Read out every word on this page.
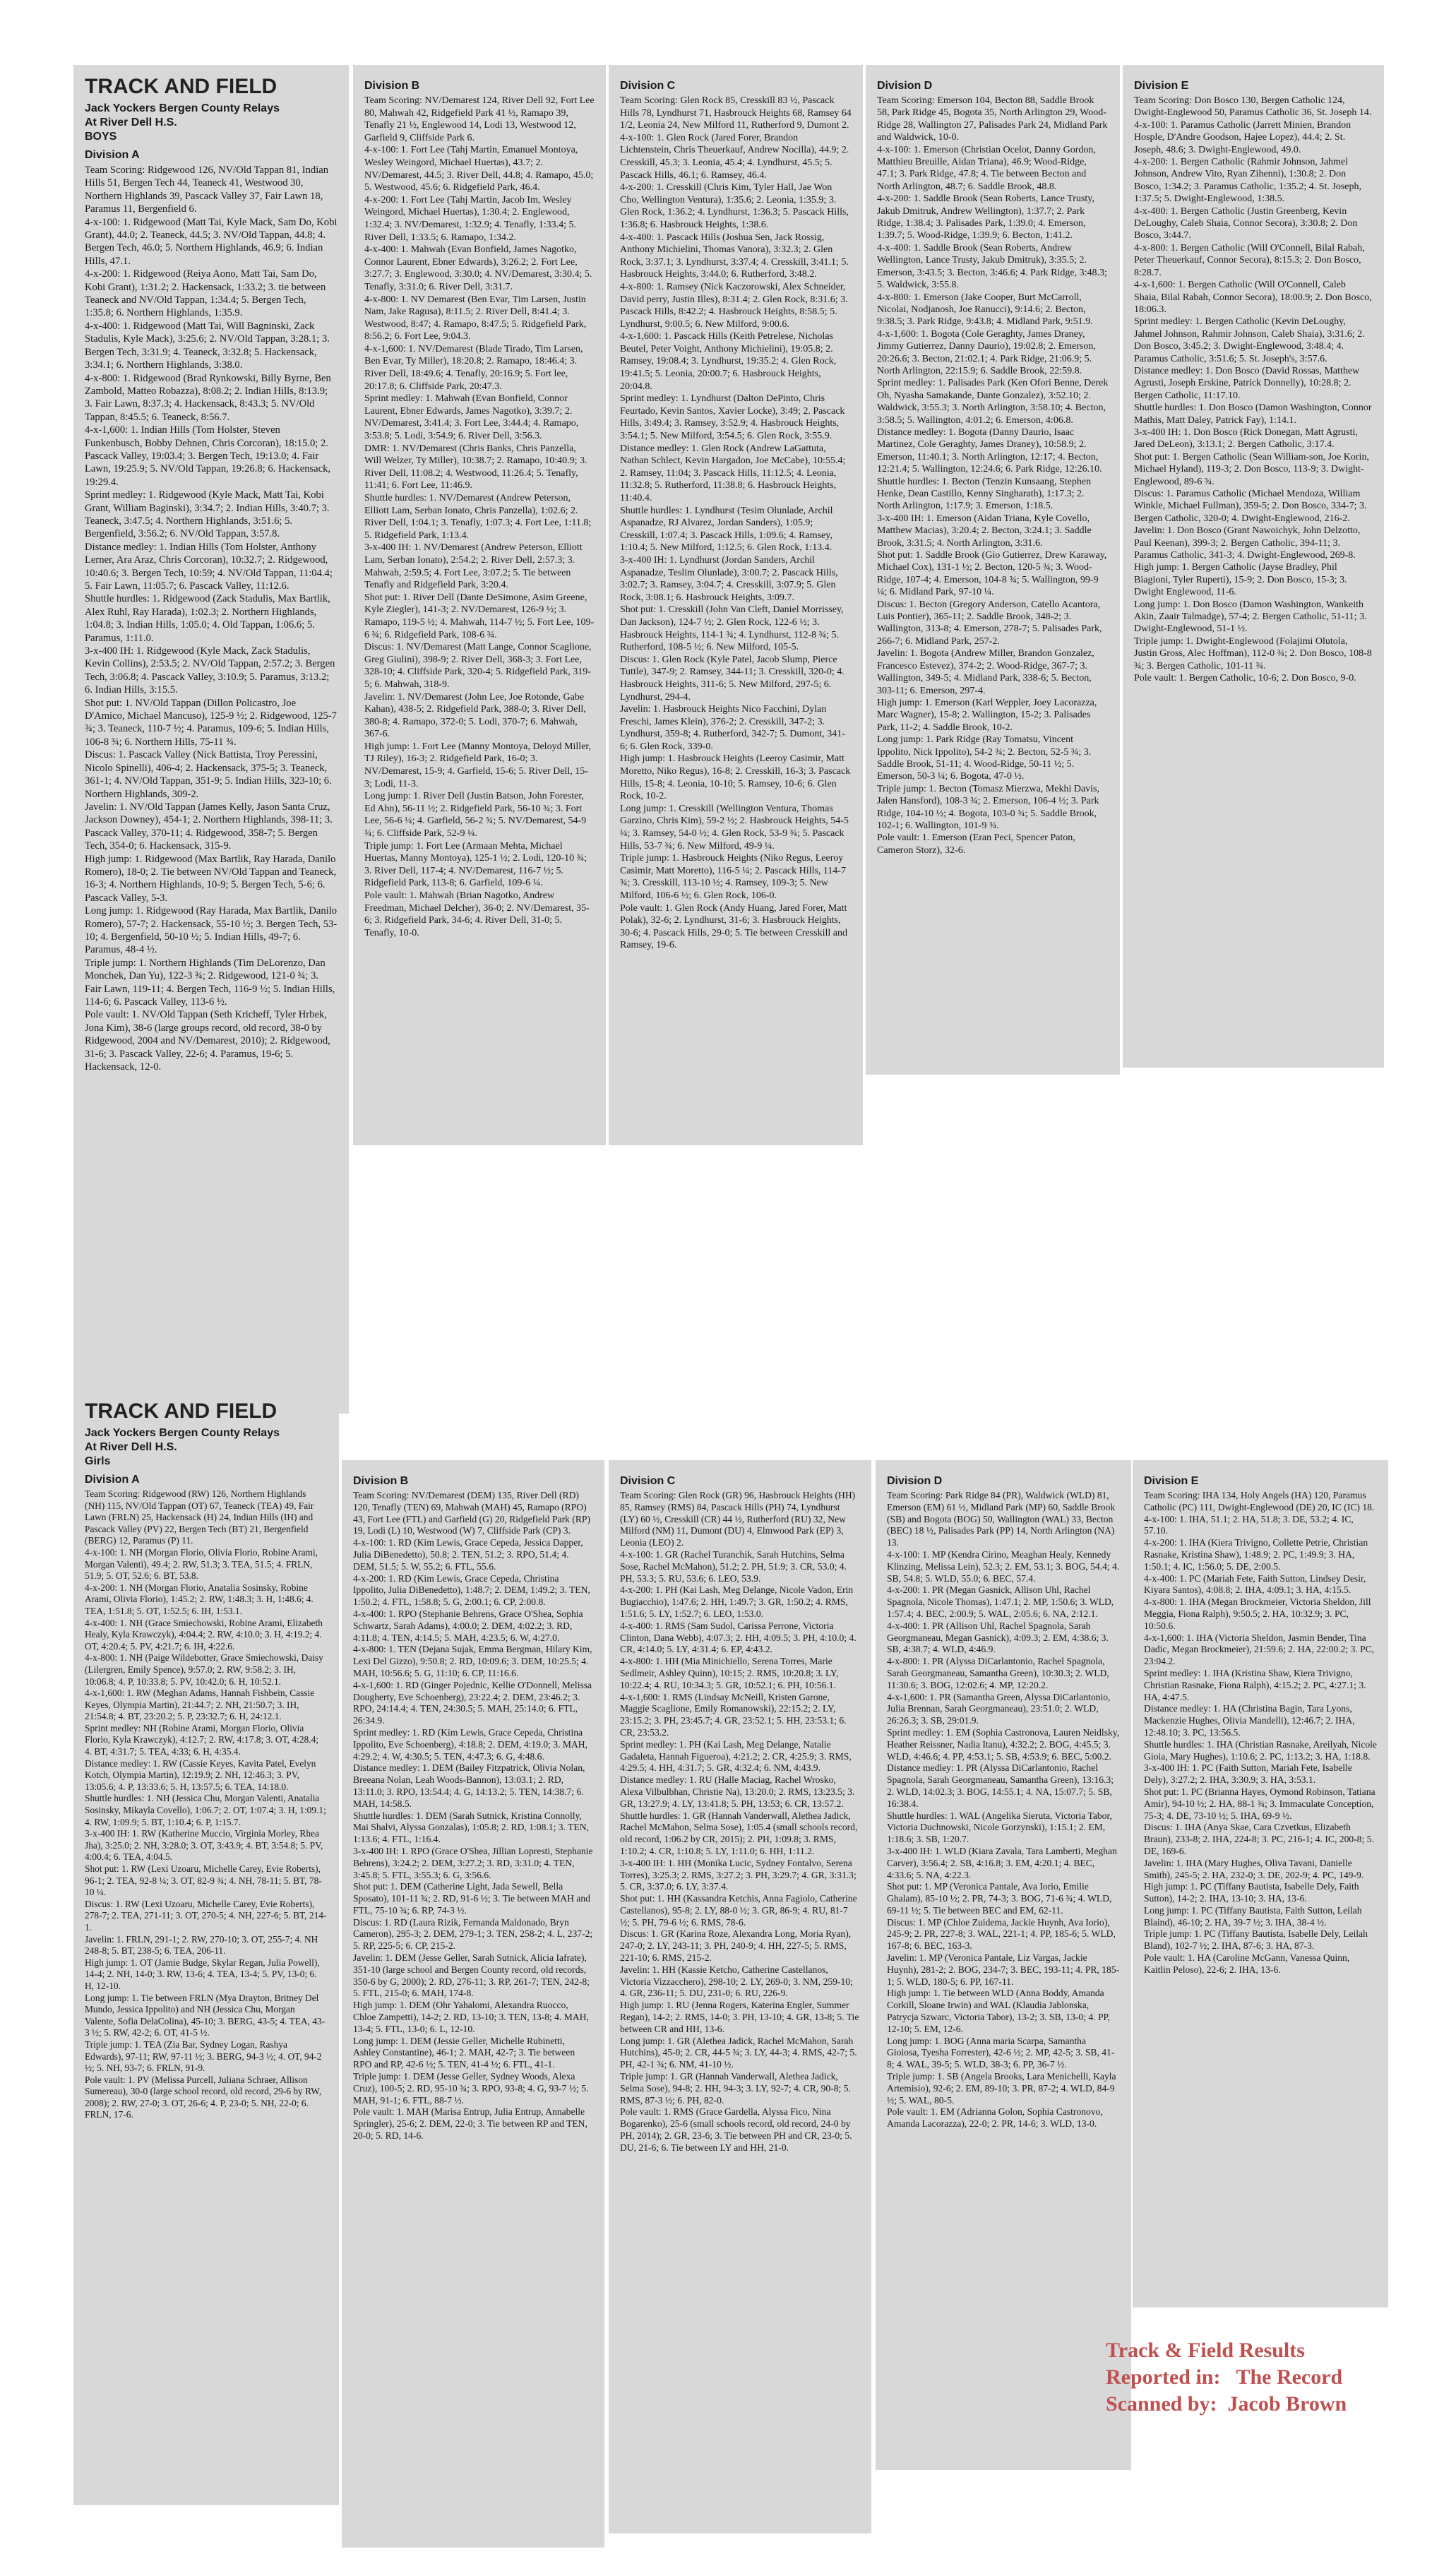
TRACK AND FIELD
Jack Yockers Bergen County Relays
At River Dell H.S.
BOYS
Division A
Team Scoring: Ridgewood 126, NV/Old Tappan 81, Indian Hills 51, Bergen Tech 44, Teaneck 41, Westwood 30, Northern Highlands 39, Pascack Valley 37, Fair Lawn 18, Paramus 11, Bergenfield 6.
4-x-100: 1. Ridgewood (Matt Tai, Kyle Mack, Sam Do, Kobi Grant), 44.0; 2. Teaneck, 44.5; 3. NV/Old Tappan, 44.8; 4. Bergen Tech, 46.0; 5. Northern Highlands, 46.9; 6. Indian Hills, 47.1.
4-x-200: 1. Ridgewood (Reiya Aono, Matt Tai, Sam Do, Kobi Grant), 1:31.2; 2. Hackensack, 1:33.2; 3. tie between Teaneck and NV/Old Tappan, 1:34.4; 5. Bergen Tech, 1:35.8; 6. Northern Highlands, 1:35.9.
4-x-400: 1. Ridgewood (Matt Tai, Will Bagninski, Zack Stadulis, Kyle Mack), 3:25.6; 2. NV/Old Tappan, 3:28.1; 3. Bergen Tech, 3:31.9; 4. Teaneck, 3:32.8; 5. Hackensack, 3:34.1; 6. Northern Highlands, 3:38.0.
4-x-800: 1. Ridgewood (Brad Rynkowski, Billy Byrne, Ben Zambold, Matteo Robazza), 8:08.2; 2. Indian Hills, 8:13.9; 3. Fair Lawn, 8:37.3; 4. Hackensack, 8:43.3; 5. NV/Old Tappan, 8:45.5; 6. Teaneck, 8:56.7.
4-x-1,600: 1. Indian Hills (Tom Holster, Steven Funkenbusch, Bobby Dehnen, Chris Corcoran), 18:15.0; 2. Pascack Valley, 19:03.4; 3. Bergen Tech, 19:13.0; 4. Fair Lawn, 19:25.9; 5. NV/Old Tappan, 19:26.8; 6. Hackensack, 19:29.4.
Sprint medley: 1. Ridgewood (Kyle Mack, Matt Tai, Kobi Grant, William Baginski), 3:34.7; 2. Indian Hills, 3:40.7; 3. Teaneck, 3:47.5; 4. Northern Highlands, 3:51.6; 5. Bergenfield, 3:56.2; 6. NV/Old Tappan, 3:57.8.
Distance medley: 1. Indian Hills (Tom Holster, Anthony Lerner, Ara Araz, Chris Corcoran), 10:32.7; 2. Ridgewood, 10:40.6; 3. Bergen Tech, 10:59; 4. NV/Old Tappan, 11:04.4; 5. Fair Lawn, 11:05.7; 6. Pascack Valley, 11:12.6.
Shuttle hurdles: 1. Ridgewood (Zack Stadulis, Max Bartlik, Alex Ruhl, Ray Harada), 1:02.3; 2. Northern Highlands, 1:04.8; 3. Indian Hills, 1:05.0; 4. Old Tappan, 1:06.6; 5. Paramus, 1:11.0.
3-x-400 IH: 1. Ridgewood (Kyle Mack, Zack Stadulis, Kevin Collins), 2:53.5; 2. NV/Old Tappan, 2:57.2; 3. Bergen Tech, 3:06.8; 4. Pascack Valley, 3:10.9; 5. Paramus, 3:13.2; 6. Indian Hills, 3:15.5.
Shot put: 1. NV/Old Tappan (Dillon Policastro, Joe D'Amico, Michael Mancuso), 125-9 ½; 2. Ridgewood, 125-7 ¾; 3. Teaneck, 110-7 ½; 4. Paramus, 109-6; 5. Indian Hills, 106-8 ¾; 6. Northern Hills, 75-11 ¾.
Discus: 1. Pascack Valley (Nick Battista, Troy Peressini, Nicolo Spinelli), 406-4; 2. Hackensack, 375-5; 3. Teaneck, 361-1; 4. NV/Old Tappan, 351-9; 5. Indian Hills, 323-10; 6. Northern Highlands, 309-2.
Javelin: 1. NV/Old Tappan (James Kelly, Jason Santa Cruz, Jackson Downey), 454-1; 2. Northern Highlands, 398-11; 3. Pascack Valley, 370-11; 4. Ridgewood, 358-7; 5. Bergen Tech, 354-0; 6. Hackensack, 315-9.
High jump: 1. Ridgewood (Max Bartlik, Ray Harada, Danilo Romero), 18-0; 2. Tie between NV/Old Tappan and Teaneck, 16-3; 4. Northern Highlands, 10-9; 5. Bergen Tech, 5-6; 6. Pascack Valley, 5-3.
Long jump: 1. Ridgewood (Ray Harada, Max Bartlik, Danilo Romero), 57-7; 2. Hackensack, 55-10 ½; 3. Bergen Tech, 53-10; 4. Bergenfield, 50-10 ½; 5. Indian Hills, 49-7; 6. Paramus, 48-4 ½.
Triple jump: 1. Northern Highlands (Tim DeLorenzo, Dan Monchek, Dan Yu), 122-3 ¾; 2. Ridgewood, 121-0 ¾; 3. Fair Lawn, 119-11; 4. Bergen Tech, 116-9 ½; 5. Indian Hills, 114-6; 6. Pascack Valley, 113-6 ½.
Pole vault: 1. NV/Old Tappan (Seth Kricheff, Tyler Hrbek, Jona Kim), 38-6 (large groups record, old record, 38-0 by Ridgewood, 2004 and NV/Demarest, 2010); 2. Ridgewood, 31-6; 3. Pascack Valley, 22-6; 4. Paramus, 19-6; 5. Hackensack, 12-0.
Division B
Team Scoring: NV/Demarest 124, River Dell 92, Fort Lee 80, Mahwah 42, Ridgefield Park 41 ½, Ramapo 39, Tenafly 21 ½, Englewood 14, Lodi 13, Westwood 12, Garfield 9, Cliffside Park 6.
4-x-100: 1. Fort Lee (Tahj Martin, Emanuel Montoya, Wesley Weingord, Michael Huertas), 43.7; 2. NV/Demarest, 44.5; 3. River Dell, 44.8; 4. Ramapo, 45.0; 5. Westwood, 45.6; 6. Ridgefield Park, 46.4.
4-x-200: 1. Fort Lee (Tahj Martin, Jacob Im, Wesley Weingord, Michael Huertas), 1:30.4; 2. Englewood, 1:32.4; 3. NV/Demarest, 1:32.9; 4. Tenafly, 1:33.4; 5. River Dell, 1:33.5; 6. Ramapo, 1:34.2.
4-x-400: 1. Mahwah (Evan Bonfield, James Nagotko, Connor Laurent, Ebner Edwards), 3:26.2; 2. Fort Lee, 3:27.7; 3. Englewood, 3:30.0; 4. NV/Demarest, 3:30.4; 5. Tenafly, 3:31.0; 6. River Dell, 3:31.7.
4-x-800: 1. NV Demarest (Ben Evar, Tim Larsen, Justin Nam, Jake Ragusa), 8:11.5; 2. River Dell, 8:41.4; 3. Westwood, 8:47; 4. Ramapo, 8:47.5; 5. Ridgefield Park, 8:56.2; 6. Fort Lee, 9:04.3.
4-x-1,600: 1. NV/Demarest (Blade Tirado, Tim Larsen, Ben Evar, Ty Miller), 18:20.8; 2. Ramapo, 18:46.4; 3. River Dell, 18:49.6; 4. Tenafly, 20:16.9; 5. Fort lee, 20:17.8; 6. Cliffside Park, 20:47.3.
Sprint medley: 1. Mahwah (Evan Bonfield, Connor Laurent, Ebner Edwards, James Nagotko), 3:39.7; 2. NV/Demarest, 3:41.4; 3. Fort Lee, 3:44.4; 4. Ramapo, 3:53.8; 5. Lodi, 3:54.9; 6. River Dell, 3:56.3.
DMR: 1. NV/Demarest (Chris Banks, Chris Panzella, Will Welzer, Ty Miller), 10:38.7; 2. Ramapo, 10:40.9; 3. River Dell, 11:08.2; 4. Westwood, 11:26.4; 5. Tenafly, 11:41; 6. Fort Lee, 11:46.9.
Shuttle hurdles: 1. NV/Demarest (Andrew Peterson, Elliott Lam, Serban Ionato, Chris Panzella), 1:02.6; 2. River Dell, 1:04.1; 3. Tenafly, 1:07.3; 4. Fort Lee, 1:11.8; 5. Ridgefield Park, 1:13.4.
3-x-400 IH: 1. NV/Demarest (Andrew Peterson, Elliott Lam, Serban Ionato), 2:54.2; 2. River Dell, 2:57.3; 3. Mahwah, 2:59.5; 4. Fort Lee, 3:07.2; 5. Tie between Tenafly and Ridgefield Park, 3:20.4.
Shot put: 1. River Dell (Dante DeSimone, Asim Greene, Kyle Ziegler), 141-3; 2. NV/Demarest, 126-9 ½; 3. Ramapo, 119-5 ½; 4. Mahwah, 114-7 ½; 5. Fort Lee, 109-6 ¾; 6. Ridgefield Park, 108-6 ¾.
Discus: 1. NV/Demarest (Matt Lange, Connor Scaglione, Greg Giulini), 398-9; 2. River Dell, 368-3; 3. Fort Lee, 328-10; 4. Cliffside Park, 320-4; 5. Ridgefield Park, 319-5; 6. Mahwah, 318-9.
Javelin: 1. NV/Demarest (John Lee, Joe Rotonde, Gabe Kahan), 438-5; 2. Ridgefield Park, 388-0; 3. River Dell, 380-8; 4. Ramapo, 372-0; 5. Lodi, 370-7; 6. Mahwah, 367-6.
High jump: 1. Fort Lee (Manny Montoya, Deloyd Miller, TJ Riley), 16-3; 2. Ridgefield Park, 16-0; 3. NV/Demarest, 15-9; 4. Garfield, 15-6; 5. River Dell, 15-3; Lodi, 11-3.
Long jump: 1. River Dell (Justin Batson, John Forester, Ed Ahn), 56-11 ½; 2. Ridgefield Park, 56-10 ¾; 3. Fort Lee, 56-6 ¼; 4. Garfield, 56-2 ¾; 5. NV/Demarest, 54-9 ¾; 6. Cliffside Park, 52-9 ¼.
Triple jump: 1. Fort Lee (Armaan Mehta, Michael Huertas, Manny Montoya), 125-1 ½; 2. Lodi, 120-10 ¾; 3. River Dell, 117-4; 4. NV/Demarest, 116-7 ½; 5. Ridgefield Park, 113-8; 6. Garfield, 109-6 ¼.
Pole vault: 1. Mahwah (Brian Nagotko, Andrew Freedman, Michael Delcher), 36-0; 2. NV/Demarest, 35-6; 3. Ridgefield Park, 34-6; 4. River Dell, 31-0; 5. Tenafly, 10-0.
Division C
Team Scoring: Glen Rock 85, Cresskill 83 ½, Pascack Hills 78, Lyndhurst 71, Hasbrouck Heights 68, Ramsey 64 1/2, Leonia 24, New Milford 11, Rutherford 9, Dumont 2.
4-x-100: 1. Glen Rock (Jared Forer, Brandon Lichtenstein, Chris Theuerkauf, Andrew Nocilla), 44.9; 2. Cresskill, 45.3; 3. Leonia, 45.4; 4. Lyndhurst, 45.5; 5. Pascack Hills, 46.1; 6. Ramsey, 46.4.
4-x-200: 1. Cresskill (Chris Kim, Tyler Hall, Jae Won Cho, Wellington Ventura), 1:35.6; 2. Leonia, 1:35.9; 3. Glen Rock, 1:36.2; 4. Lyndhurst, 1:36.3; 5. Pascack Hills, 1:36.8; 6. Hasbrouck Heights, 1:38.6.
4-x-400: 1. Pascack Hills (Joshua Sen, Jack Rossig, Anthony Michielini, Thomas Vanora), 3:32.3; 2. Glen Rock, 3:37.1; 3. Lyndhurst, 3:37.4; 4. Cresskill, 3:41.1; 5. Hasbrouck Heights, 3:44.0; 6. Rutherford, 3:48.2.
4-x-800: 1. Ramsey (Nick Kaczorowski, Alex Schneider, David perry, Justin Illes), 8:31.4; 2. Glen Rock, 8:31.6; 3. Pascack Hills, 8:42.2; 4. Hasbrouck Heights, 8:58.5; 5. Lyndhurst, 9:00.5; 6. New Milford, 9:00.6.
4-x-1,600: 1. Pascack Hills (Keith Petrelese, Nicholas Beutel, Peter Voight, Anthony Michielini), 19:05.8; 2. Ramsey, 19:08.4; 3. Lyndhurst, 19:35.2; 4. Glen Rock, 19:41.5; 5. Leonia, 20:00.7; 6. Hasbrouck Heights, 20:04.8.
Sprint medley: 1. Lyndhurst (Dalton DePinto, Chris Feurtado, Kevin Santos, Xavier Locke), 3:49; 2. Pascack Hills, 3:49.4; 3. Ramsey, 3:52.9; 4. Hasbrouck Heights, 3:54.1; 5. New Milford, 3:54.5; 6. Glen Rock, 3:55.9.
Distance medley: 1. Glen Rock (Andrew LaGattuta, Nathan Schlect, Kevin Hargadon, Joe McCabe), 10:55.4; 2. Ramsey, 11:04; 3. Pascack Hills, 11:12.5; 4. Leonia, 11:32.8; 5. Rutherford, 11:38.8; 6. Hasbrouck Heights, 11:40.4.
Shuttle hurdles: 1. Lyndhurst (Tesim Olunlade, Archil Aspanadze, RJ Alvarez, Jordan Sanders), 1:05.9; Cresskill, 1:07.4; 3. Pascack Hills, 1:09.6; 4. Ramsey, 1:10.4; 5. New Milford, 1:12.5; 6. Glen Rock, 1:13.4.
3-x-400 IH: 1. Lyndhurst (Jordan Sanders, Archil Aspanadze, Teslim Olunlade), 3:00.7; 2. Pascack Hills, 3:02.7; 3. Ramsey, 3:04.7; 4. Cresskill, 3:07.9; 5. Glen Rock, 3:08.1; 6. Hasbrouck Heights, 3:09.7.
Shot put: 1. Cresskill (John Van Cleft, Daniel Morrissey, Dan Jackson), 124-7 ½; 2. Glen Rock, 122-6 ½; 3. Hasbrouck Heights, 114-1 ¾; 4. Lyndhurst, 112-8 ¾; 5. Rutherford, 108-5 ½; 6. New Milford, 105-5.
Discus: 1. Glen Rock (Kyle Patel, Jacob Slump, Pierce Tuttle), 347-9; 2. Ramsey, 344-11; 3. Cresskill, 320-0; 4. Hasbrouck Heights, 311-6; 5. New Milford, 297-5; 6. Lyndhurst, 294-4.
Javelin: 1. Hasbrouck Heights Nico Facchini, Dylan Freschi, James Klein), 376-2; 2. Cresskill, 347-2; 3. Lyndhurst, 359-8; 4. Rutherford, 342-7; 5. Dumont, 341-6; 6. Glen Rock, 339-0.
High jump: 1. Hasbrouck Heights (Leeroy Casimir, Matt Moretto, Niko Regus), 16-8; 2. Cresskill, 16-3; 3. Pascack Hills, 15-8; 4. Leonia, 10-10; 5. Ramsey, 10-6; 6. Glen Rock, 10-2.
Long jump: 1. Cresskill (Wellington Ventura, Thomas Garzino, Chris Kim), 59-2 ½; 2. Hasbrouck Heights, 54-5 ¼; 3. Ramsey, 54-0 ½; 4. Glen Rock, 53-9 ¾; 5. Pascack Hills, 53-7 ¾; 6. New Milford, 49-9 ¼.
Triple jump: 1. Hasbrouck Heights (Niko Regus, Leeroy Casimir, Matt Moretto), 116-5 ¼; 2. Pascack Hills, 114-7 ¾; 3. Cresskill, 113-10 ½; 4. Ramsey, 109-3; 5. New Milford, 106-6 ½; 6. Glen Rock, 106-0.
Pole vault: 1. Glen Rock (Andy Huang, Jared Forer, Matt Polak), 32-6; 2. Lyndhurst, 31-6; 3. Hasbrouck Heights, 30-6; 4. Pascack Hills, 29-0; 5. Tie between Cresskill and Ramsey, 19-6.
Division D
Team Scoring: Emerson 104, Becton 88, Saddle Brook 58, Park Ridge 45, Bogota 35, North Arlington 29, Wood-Ridge 28, Wallington 27, Palisades Park 24, Midland Park and Waldwick, 10-0.
4-x-100: 1. Emerson (Christian Ocelot, Danny Gordon, Matthieu Breuille, Aidan Triana), 46.9; Wood-Ridge, 47.1; 3. Park Ridge, 47.8; 4. Tie between Becton and North Arlington, 48.7; 6. Saddle Brook, 48.8.
4-x-200: 1. Saddle Brook (Sean Roberts, Lance Trusty, Jakub Dmitruk, Andrew Wellington), 1:37.7; 2. Park Ridge, 1:38.4; 3. Palisades Park, 1:39.0; 4. Emerson, 1:39.7; 5. Wood-Ridge, 1:39.9; 6. Becton, 1:41.2.
4-x-400: 1. Saddle Brook (Sean Roberts, Andrew Wellington, Lance Trusty, Jakub Dmitruk), 3:35.5; 2. Emerson, 3:43.5; 3. Becton, 3:46.6; 4. Park Ridge, 3:48.3; 5. Waldwick, 3:55.8.
4-x-800: 1. Emerson (Jake Cooper, Burt McCarroll, Nicolai, Nodjanosh, Joe Ranucci), 9:14.6; 2. Becton, 9:38.5; 3. Park Ridge, 9:43.8; 4. Midland Park, 9:51.9.
4-x-1,600: 1. Bogota (Cole Geraghty, James Draney, Jimmy Gutierrez, Danny Daurio), 19:02.8; 2. Emerson, 20:26.6; 3. Becton, 21:02.1; 4. Park Ridge, 21:06.9; 5. North Arlington, 22:15.9; 6. Saddle Brook, 22:59.8.
Sprint medley: 1. Palisades Park (Ken Ofori Benne, Derek Oh, Nyasha Samakande, Dante Gonzalez), 3:52.10; 2. Waldwick, 3:55.3; 3. North Arlington, 3:58.10; 4. Becton, 3:58.5; 5. Wallington, 4:01.2; 6. Emerson, 4:06.8.
Distance medley: 1. Bogota (Danny Daurio, Isaac Martinez, Cole Geraghty, James Draney), 10:58.9; 2. Emerson, 11:40.1; 3. North Arlington, 12:17; 4. Becton, 12:21.4; 5. Wallington, 12:24.6; 6. Park Ridge, 12:26.10.
Shuttle hurdles: 1. Becton (Tenzin Kunsaang, Stephen Henke, Dean Castillo, Kenny Singharath), 1:17.3; 2. North Arlington, 1:17.9; 3. Emerson, 1:18.5.
3-x-400 IH: 1. Emerson (Aidan Triana, Kyle Covello, Matthew Macias), 3:20.4; 2. Becton, 3:24.1; 3. Saddle Brook, 3:31.5; 4. North Arlington, 3:31.6.
Shot put: 1. Saddle Brook (Gio Gutierrez, Drew Karaway, Michael Cox), 131-1 ½; 2. Becton, 120-5 ¾; 3. Wood-Ridge, 107-4; 4. Emerson, 104-8 ¾; 5. Wallington, 99-9 ¼; 6. Midland Park, 97-10 ¼.
Discus: 1. Becton (Gregory Anderson, Catello Acantora, Luis Pontier), 365-11; 2. Saddle Brook, 348-2; 3. Wallington, 313-8; 4. Emerson, 278-7; 5. Palisades Park, 266-7; 6. Midland Park, 257-2.
Javelin: 1. Bogota (Andrew Miller, Brandon Gonzalez, Francesco Estevez), 374-2; 2. Wood-Ridge, 367-7; 3. Wallington, 349-5; 4. Midland Park, 338-6; 5. Becton, 303-11; 6. Emerson, 297-4.
High jump: 1. Emerson (Karl Weppler, Joey Lacorazza, Marc Wagner), 15-8; 2. Wallington, 15-2; 3. Palisades Park, 11-2; 4. Saddle Brook, 10-2.
Long jump: 1. Park Ridge (Ray Tomatsu, Vincent Ippolito, Nick Ippolito), 54-2 ¾; 2. Becton, 52-5 ¾; 3. Saddle Brook, 51-11; 4. Wood-Ridge, 50-11 ½; 5. Emerson, 50-3 ¼; 6. Bogota, 47-0 ½.
Triple jump: 1. Becton (Tomasz Mierzwa, Mekhi Davis, Jalen Hansford), 108-3 ¾; 2. Emerson, 106-4 ½; 3. Park Ridge, 104-10 ½; 4. Bogota, 103-0 ¾; 5. Saddle Brook, 102-1; 6. Wallington, 101-9 ¾.
Pole vault: 1. Emerson (Eran Peci, Spencer Paton, Cameron Storz), 32-6.
Division E
Team Scoring: Don Bosco 130, Bergen Catholic 124, Dwight-Englewood 50, Paramus Catholic 36, St. Joseph 14.
4-x-100: 1. Paramus Catholic (Jarrett Minien, Brandon Hosple, D'Andre Goodson, Hajee Lopez), 44.4; 2. St. Joseph, 48.6; 3. Dwight-Englewood, 49.0.
4-x-200: 1. Bergen Catholic (Rahmir Johnson, Jahmel Johnson, Andrew Vito, Ryan Zihenni), 1:30.8; 2. Don Bosco, 1:34.2; 3. Paramus Catholic, 1:35.2; 4. St. Joseph, 1:37.5; 5. Dwight-Englewood, 1:38.5.
4-x-400: 1. Bergen Catholic (Justin Greenberg, Kevin DeLoughy, Caleb Shaia, Connor Secora), 3:30.8; 2. Don Bosco, 3:44.7.
4-x-800: 1. Bergen Catholic (Will O'Connell, Bilal Rabah, Peter Theuerkauf, Connor Secora), 8:15.3; 2. Don Bosco, 8:28.7.
4-x-1,600: 1. Bergen Catholic (Will O'Connell, Caleb Shaia, Bilal Rabah, Connor Secora), 18:00.9; 2. Don Bosco, 18:06.3.
Sprint medley: 1. Bergen Catholic (Kevin DeLoughy, Jahmel Johnson, Rahmir Johnson, Caleb Shaia), 3:31.6; 2. Don Bosco, 3:45.2; 3. Dwight-Englewood, 3:48.4; 4. Paramus Catholic, 3:51.6; 5. St. Joseph's, 3:57.6.
Distance medley: 1. Don Bosco (David Rossas, Matthew Agrusti, Joseph Erskine, Patrick Donnelly), 10:28.8; 2. Bergen Catholic, 11:17.10.
Shuttle hurdles: 1. Don Bosco (Damon Washington, Connor Mathis, Matt Daley, Patrick Fay), 1:14.1.
3-x-400 IH: 1. Don Bosco (Rick Donegan, Matt Agrusti, Jared DeLeon), 3:13.1; 2. Bergen Catholic, 3:17.4.
Shot put: 1. Bergen Catholic (Sean William-son, Joe Korin, Michael Hyland), 119-3; 2. Don Bosco, 113-9; 3. Dwight-Englewood, 89-6 ¾.
Discus: 1. Paramus Catholic (Michael Mendoza, William Winkle, Michael Fullman), 359-5; 2. Don Bosco, 334-7; 3. Bergen Catholic, 320-0; 4. Dwight-Englewood, 216-2.
Javelin: 1. Don Bosco (Grant Nawoichyk, John Delzotto, Paul Keenan), 399-3; 2. Bergen Catholic, 394-11; 3. Paramus Catholic, 341-3; 4. Dwight-Englewood, 269-8.
High jump: 1. Bergen Catholic (Jayse Bradley, Phil Biagioni, Tyler Ruperti), 15-9; 2. Don Bosco, 15-3; 3. Dwight Englewood, 11-6.
Long jump: 1. Don Bosco (Damon Washington, Wankeith Akin, Zaair Talmadge), 57-4; 2. Bergen Catholic, 51-11; 3. Dwight-Englewood, 51-1 ½.
Triple jump: 1. Dwight-Englewood (Folajimi Olutola, Justin Gross, Alec Hoffman), 112-0 ¾; 2. Don Bosco, 108-8 ¾; 3. Bergen Catholic, 101-11 ¾.
Pole vault: 1. Bergen Catholic, 10-6; 2. Don Bosco, 9-0.
TRACK AND FIELD
Jack Yockers Bergen County Relays
At River Dell H.S.
Girls
Division A
Team Scoring: Ridgewood (RW) 126, Northern Highlands (NH) 115, NV/Old Tappan (OT) 67, Teaneck (TEA) 49, Fair Lawn (FRLN) 25, Hackensack (H) 24, Indian Hills (IH) and Pascack Valley (PV) 22, Bergen Tech (BT) 21, Bergenfield (BERG) 12, Paramus (P) 11.
4-x-100: 1. NH (Morgan Florio, Olivia Florio, Robine Arami, Morgan Valenti), 49.4; 2. RW, 51.3; 3. TEA, 51.5; 4. FRLN, 51.9; 5. OT, 52.6; 6. BT, 53.8.
4-x-200: 1. NH (Morgan Florio, Anatalia Sosinsky, Robine Arami, Olivia Florio), 1:45.2; 2. RW, 1:48.3; 3. H, 1:48.6; 4. TEA, 1:51.8; 5. OT, 1:52.5; 6. IH, 1:53.1.
4-x-400: 1. NH (Grace Smiechowski, Robine Arami, Elizabeth Healy, Kyla Krawczyk), 4:04.4; 2. RW, 4:10.0; 3. H, 4:19.2; 4. OT, 4:20.4; 5. PV, 4:21.7; 6. IH, 4:22.6.
4-x-800: 1. NH (Paige Wildebotter, Grace Smiechowski, Daisy (Lilergren, Emily Spence), 9:57.0; 2. RW, 9:58.2; 3. IH, 10:06.8; 4. P, 10:33.8; 5. PV, 10:42.0; 6. H, 10:52.1.
4-x-1,600: 1. RW (Meghan Adams, Hannah Fishbein, Cassie Keyes, Olympia Martin), 21:44.7; 2. NH, 21:50.7; 3. IH, 21:54.8; 4. BT, 23:20.2; 5. P, 23:32.7; 6. H, 24:12.1.
Sprint medley: NH (Robine Arami, Morgan Florio, Olivia Florio, Kyla Krawczyk), 4:12.7; 2. RW, 4:17.8; 3. OT, 4:28.4; 4. BT, 4:31.7; 5. TEA, 4:33; 6. H, 4:35.4.
Distance medley: 1. RW (Cassie Keyes, Kavita Patel, Evelyn Kotch, Olympia Martin), 12:19.9; 2. NH, 12:46.3; 3. PV, 13:05.6; 4. P, 13:33.6; 5. H, 13:57.5; 6. TEA, 14:18.0.
Shuttle hurdles: 1. NH (Jessica Chu, Morgan Valenti, Anatalia Sosinsky, Mikayla Covello), 1:06.7; 2. OT, 1:07.4; 3. H, 1:09.1; 4. RW, 1:09.9; 5. BT, 1:10.4; 6. P, 1:15.7.
3-x-400 IH: 1. RW (Katherine Muccio, Virginia Morley, Rhea Jha), 3:25.0; 2. NH, 3:28.0; 3. OT, 3:43.9; 4. BT, 3:54.8; 5. PV, 4:00.4; 6. TEA, 4:04.5.
Shot put: 1. RW (Lexi Uzoaru, Michelle Carey, Evie Roberts), 96-1; 2. TEA, 92-8 ¼; 3. OT, 82-9 ¾; 4. NH, 78-11; 5. BT, 78-10 ¼.
Discus: 1. RW (Lexi Uzoaru, Michelle Carey, Evie Roberts), 278-7; 2. TEA, 271-11; 3. OT, 270-5; 4. NH, 227-6; 5. BT, 214-1.
Javelin: 1. FRLN, 291-1; 2. RW, 270-10; 3. OT, 255-7; 4. NH 248-8; 5. BT, 238-5; 6. TEA, 206-11.
High jump: 1. OT (Jamie Budge, Skylar Regan, Julia Powell), 14-4; 2. NH, 14-0; 3. RW, 13-6; 4. TEA, 13-4; 5. PV, 13-0; 6. H, 12-10.
Long jump: 1. Tie between FRLN (Mya Drayton, Britney Del Mundo, Jessica Ippolito) and NH (Jessica Chu, Morgan Valente, Sofia DelaColina), 45-10; 3. BERG, 43-5; 4. TEA, 43-3 ½; 5. RW, 42-2; 6. OT, 41-5 ½.
Triple jump: 1. TEA (Zia Bar, Sydney Logan, Rashya Edwards), 97-11; RW, 97-11 ½; 3. BERG, 94-3 ½; 4. OT, 94-2 ½; 5. NH, 93-7; 6. FRLN, 91-9.
Pole vault: 1. PV (Melissa Purcell, Juliana Schraer, Allison Sumereau), 30-0 (large school record, old record, 29-6 by RW, 2008); 2. RW, 27-0; 3. OT, 26-6; 4. P, 23-0; 5. NH, 22-0; 6. FRLN, 17-6.
Division B
Team Scoring: NV/Demarest (DEM) 135, River Dell (RD) 120, Tenafly (TEN) 69, Mahwah (MAH) 45, Ramapo (RPO) 43, Fort Lee (FTL) and Garfield (G) 20, Ridgefield Park (RP) 19, Lodi (L) 10, Westwood (W) 7, Cliffside Park (CP) 3.
4-x-100: 1. RD (Kim Lewis, Grace Cepeda, Jessica Dapper, Julia DiBenedetto), 50.8; 2. TEN, 51.2; 3. RPO, 51.4; 4. DEM, 51.5; 5. W, 55.2; 6. FTL, 55.6.
4-x-200: 1. RD (Kim Lewis, Grace Cepeda, Christina Ippolito, Julia DiBenedetto), 1:48.7; 2. DEM, 1:49.2; 3. TEN, 1:50.2; 4. FTL, 1:58.8; 5. G, 2:00.1; 6. CP, 2:00.8.
4-x-400: 1. RPO (Stephanie Behrens, Grace O'Shea, Sophia Schwartz, Sarah Adams), 4:00.0; 2. DEM, 4:02.2; 3. RD, 4:11.8; 4. TEN, 4:14.5; 5. MAH, 4:23.5; 6. W, 4:27.0.
4-x-800: 1. TEN (Dejana Sujak, Emma Bergman, Hilary Kim, Lexi Del Gizzo), 9:50.8; 2. RD, 10:09.6; 3. DEM, 10:25.5; 4. MAH, 10:56.6; 5. G, 11:10; 6. CP, 11:16.6.
4-x-1,600: 1. RD (Ginger Pojednic, Kellie O'Donnell, Melissa Dougherty, Eve Schoenberg), 23:22.4; 2. DEM, 23:46.2; 3. RPO, 24:14.4; 4. TEN, 24:30.5; 5. MAH, 25:14.0; 6. FTL, 26:34.9.
Sprint medley: 1. RD (Kim Lewis, Grace Cepeda, Christina Ippolito, Eve Schoenberg), 4:18.8; 2. DEM, 4:19.0; 3. MAH, 4:29.2; 4. W, 4:30.5; 5. TEN, 4:47.3; 6. G, 4:48.6.
Distance medley: 1. DEM (Bailey Fitzpatrick, Olivia Nolan, Breeana Nolan, Leah Woods-Bannon), 13:03.1; 2. RD, 13:11.0; 3. RPO, 13:54.4; 4. G, 14:13.2; 5. TEN, 14:38.7; 6. MAH, 14:58.5.
Shuttle hurdles: 1. DEM (Sarah Sutnick, Kristina Connolly, Mai Shalvi, Alyssa Gonzalas), 1:05.8; 2. RD, 1:08.1; 3. TEN, 1:13.6; 4. FTL, 1:16.4.
3-x-400 IH: 1. RPO (Grace O'Shea, Jillian Lopresti, Stephanie Behrens), 3:24.2; 2. DEM, 3:27.2; 3. RD, 3:31.0; 4. TEN, 3:45.8; 5. FTL, 3:55.3; 6. G, 3:56.6.
Shot put: 1. DEM (Catherine Light, Jada Sewell, Bella Sposato), 101-11 ¾; 2. RD, 91-6 ½; 3. Tie between MAH and FTL, 75-10 ¾; 6. RP, 74-3 ½.
Discus: 1. RD (Laura Rizik, Fernanda Maldonado, Bryn Cameron), 295-3; 2. DEM, 279-1; 3. TEN, 258-2; 4. L, 237-2; 5. RP, 225-5; 6. CP, 215-2.
Javelin: 1. DEM (Jesse Geller, Sarah Sutnick, Alicia Iafrate), 351-10 (large school and Bergen County record, old records, 350-6 by G, 2000); 2. RD, 276-11; 3. RP, 261-7; TEN, 242-8; 5. FTL, 215-0; 6. MAH, 174-8.
High jump: 1. DEM (Ohr Yahalomi, Alexandra Ruocco, Chloe Zampetti), 14-2; 2. RD, 13-10; 3. TEN, 13-8; 4. MAH, 13-4; 5. FTL, 13-0; 6. L, 12-10.
Long jump: 1. DEM (Jessie Geller, Michelle Rubinetti, Ashley Constantine), 46-1; 2. MAH, 42-7; 3. Tie between RPO and RP, 42-6 ½; 5. TEN, 41-4 ½; 6. FTL, 41-1.
Triple jump: 1. DEM (Jesse Geller, Sydney Woods, Alexa Cruz), 100-5; 2. RD, 95-10 ¾; 3. RPO, 93-8; 4. G, 93-7 ½; 5. MAH, 91-1; 6. FTL, 88-7 ½.
Pole vault: 1. MAH (Marisa Entrup, Julia Entrup, Annabelle Springler), 25-6; 2. DEM, 22-0; 3. Tie between RP and TEN, 20-0; 5. RD, 14-6.
Division C
Team Scoring: Glen Rock (GR) 96, Hasbrouck Heights (HH) 85, Ramsey (RMS) 84, Pascack Hills (PH) 74, Lyndhurst (LY) 60 ½, Cresskill (CR) 44 ½, Rutherford (RU) 32, New Milford (NM) 11, Dumont (DU) 4, Elmwood Park (EP) 3, Leonia (LEO) 2.
4-x-100: 1. GR (Rachel Turanchik, Sarah Hutchins, Selma Sose, Rachel McMahon), 51.2; 2. PH, 51.9; 3. CR, 53.0; 4. PH, 53.3; 5. RU, 53.6; 6. LEO, 53.9.
4-x-200: 1. PH (Kai Lash, Meg Delange, Nicole Vadon, Erin Bugiacchio), 1:47.6; 2. HH, 1:49.7; 3. GR, 1:50.2; 4. RMS, 1:51.6; 5. LY, 1:52.7; 6. LEO, 1:53.0.
4-x-400: 1. RMS (Sam Sudol, Carissa Perrone, Victoria Clinton, Dana Webb), 4:07.3; 2. HH, 4:09.5; 3. PH, 4:10.0; 4. CR, 4:14.0; 5. LY, 4:31.4; 6. EP, 4:43.2.
4-x-800: 1. HH (Mia Minichiello, Serena Torres, Marie Sedlmeir, Ashley Quinn), 10:15; 2. RMS, 10:20.8; 3. LY, 10:22.4; 4. RU, 10:34.3; 5. GR, 10:52.1; 6. PH, 10:56.1.
4-x-1,600: 1. RMS (Lindsay McNeill, Kristen Garone, Maggie Scaglione, Emily Romanowski), 22:15.2; 2. LY, 23:15.2; 3. PH, 23:45.7; 4. GR, 23:52.1; 5. HH, 23:53.1; 6. CR, 23:53.2.
Sprint medley: 1. PH (Kai Lash, Meg Delange, Natalie Gadaleta, Hannah Figueroa), 4:21.2; 2. CR, 4:25.9; 3. RMS, 4:29.5; 4. HH, 4:31.7; 5. GR, 4:32.4; 6. NM, 4:43.9.
Distance medley: 1. RU (Halle Maciag, Rachel Wrosko, Alexa Vilbulbhan, Christie Na), 13:20.0; 2. RMS, 13:23.5; 3. GR, 13:27.9; 4. LY, 13:41.8; 5. PH, 13:53; 6. CR, 13:57.2.
Shuttle hurdles: 1. GR (Hannah Vanderwall, Alethea Jadick, Rachel McMahon, Selma Sose), 1:05.4 (small schools record, old record, 1:06.2 by CR, 2015); 2. PH, 1:09.8; 3. RMS, 1:10.2; 4. CR, 1:10.8; 5. LY, 1:11.0; 6. HH, 1:11.2.
3-x-400 IH: 1. HH (Monika Lucic, Sydney Fontalvo, Serena Torres), 3:25.3; 2. RMS, 3:27.2; 3. PH, 3:29.7; 4. GR, 3:31.3; 5. CR, 3:37.0; 6. LY, 3:37.4.
Shot put: 1. HH (Kassandra Ketchis, Anna Fagiolo, Catherine Castellanos), 95-8; 2. LY, 88-0 ½; 3. GR, 86-9; 4. RU, 81-7 ½; 5. PH, 79-6 ½; 6. RMS, 78-6.
Discus: 1. GR (Karina Roze, Alexandra Long, Moria Ryan), 247-0; 2. LY, 243-11; 3. PH, 240-9; 4. HH, 227-5; 5. RMS, 221-10; 6. RMS, 215-2.
Javelin: 1. HH (Kassie Ketcho, Catherine Castellanos, Victoria Vizzacchero), 298-10; 2. LY, 269-0; 3. NM, 259-10; 4. GR, 236-11; 5. DU, 231-0; 6. RU, 226-9.
High jump: 1. RU (Jenna Rogers, Katerina Engler, Summer Regan), 14-2; 2. RMS, 14-0; 3. PH, 13-10; 4. GR, 13-8; 5. Tie between CR and HH, 13-6.
Long jump: 1. GR (Alethea Jadick, Rachel McMahon, Sarah Hutchins), 45-0; 2. CR, 44-5 ¾; 3. LY, 44-3; 4. RMS, 42-7; 5. PH, 42-1 ¾; 6. NM, 41-10 ½.
Triple jump: 1. GR (Hannah Vanderwall, Alethea Jadick, Selma Sose), 94-8; 2. HH, 94-3; 3. LY, 92-7; 4. CR, 90-8; 5. RMS, 87-3 ½; 6. PH, 82-0.
Pole vault: 1. RMS (Grace Gardella, Alyssa Fico, Nina Bogarenko), 25-6 (small schools record, old record, 24-0 by PH, 2014); 2. GR, 23-6; 3. Tie between PH and CR, 23-0; 5. DU, 21-6; 6. Tie between LY and HH, 21-0.
Division D
Team Scoring: Park Ridge 84 (PR), Waldwick (WLD) 81, Emerson (EM) 61 ½, Midland Park (MP) 60, Saddle Brook (SB) and Bogota (BOG) 50, Wallington (WAL) 33, Becton (BEC) 18 ½, Palisades Park (PP) 14, North Arlington (NA) 13.
4-x-100: 1. MP (Kendra Cirino, Meaghan Healy, Kennedy Klinzing, Melissa Lein), 52.3; 2. EM, 53.1; 3. BOG, 54.4; 4. SB, 54.8; 5. WLD, 55.0; 6. BEC, 57.4.
4-x-200: 1. PR (Megan Gasnick, Allison Uhl, Rachel Spagnola, Nicole Thomas), 1:47.1; 2. MP, 1:50.6; 3. WLD, 1:57.4; 4. BEC, 2:00.9; 5. WAL, 2:05.6; 6. NA, 2:12.1.
4-x-400: 1. PR (Allison Uhl, Rachel Spagnola, Sarah Georgmaneau, Megan Gasnick), 4:09.3; 2. EM, 4:38.6; 3. SB, 4:38.7; 4. WLD, 4:46.9.
4-x-800: 1. PR (Alyssa DiCarlantonio, Rachel Spagnola, Sarah Georgmaneau, Samantha Green), 10:30.3; 2. WLD, 11:30.6; 3. BOG, 12:02.6; 4. MP, 12:20.2.
4-x-1,600: 1. PR (Samantha Green, Alyssa DiCarlantonio, Julia Brennan, Sarah Georgmaneau), 23:51.0; 2. WLD, 26:26.3; 3. SB, 29:01.9.
Sprint medley: 1. EM (Sophia Castronova, Lauren Neidlsky, Heather Reissner, Nadia Itanu), 4:32.2; 2. BOG, 4:45.5; 3. WLD, 4:46.6; 4. PP, 4:53.1; 5. SB, 4:53.9; 6. BEC, 5:00.2.
Distance medley: 1. PR (Alyssa DiCarlantonio, Rachel Spagnola, Sarah Georgmaneau, Samantha Green), 13:16.3; 2. WLD, 14:02.3; 3. BOG, 14:55.1; 4. NA, 15:07.7; 5. SB, 16:38.4.
Shuttle hurdles: 1. WAL (Angelika Sieruta, Victoria Tabor, Victoria Duchnowski, Nicole Gorzynski), 1:15.1; 2. EM, 1:18.6; 3. SB, 1:20.7.
3-x-400 IH: 1. WLD (Kiara Zavala, Tara Lamberti, Meghan Carver), 3:56.4; 2. SB, 4:16.8; 3. EM, 4:20.1; 4. BEC, 4:33.6; 5. NA, 4:22.3.
Shot put: 1. MP (Veronica Pantale, Ava Iorio, Emilie Ghalam), 85-10 ½; 2. PR, 74-3; 3. BOG, 71-6 ¾; 4. WLD, 69-11 ½; 5. Tie between BEC and EM, 62-11.
Discus: 1. MP (Chloe Zuidema, Jackie Huynh, Ava Iorio), 245-9; 2. PR, 227-8; 3. WAL, 221-1; 4. PP, 185-6; 5. WLD, 167-8; 6. BEC, 163-3.
Javelin: 1. MP (Veronica Pantale, Liz Vargas, Jackie Huynh), 281-2; 2. BOG, 234-7; 3. BEC, 193-11; 4. PR, 185-1; 5. WLD, 180-5; 6. PP, 167-11.
High jump: 1. Tie between WLD (Anna Boddy, Amanda Corkill, Sloane Irwin) and WAL (Klaudia Jablonska, Patrycja Szwarc, Victoria Tabor), 13-2; 3. SB, 13-0; 4. PP, 12-10; 5. EM, 12-6.
Long jump: 1. BOG (Anna maria Scarpa, Samantha Gioiosa, Tyesha Forrester), 42-6 ½; 2. MP, 42-5; 3. SB, 41-8; 4. WAL, 39-5; 5. WLD, 38-3; 6. PP, 36-7 ½.
Triple jump: 1. SB (Angela Brooks, Lara Menichelli, Kayla Artemisio), 92-6; 2. EM, 89-10; 3. PR, 87-2; 4. WLD, 84-9 ½; 5. WAL, 80-5.
Pole vault: 1. EM (Adrianna Golon, Sophia Castronovo, Amanda Lacorazza), 22-0; 2. PR, 14-6; 3. WLD, 13-0.
Division E
Team Scoring: IHA 134, Holy Angels (HA) 120, Paramus Catholic (PC) 111, Dwight-Englewood (DE) 20, IC (IC) 18.
4-x-100: 1. IHA, 51.1; 2. HA, 51.8; 3. DE, 53.2; 4. IC, 57.10.
4-x-200: 1. IHA (Kiera Trivigno, Collette Petrie, Christian Rasnake, Kristina Shaw), 1:48.9; 2. PC, 1:49.9; 3. HA, 1:50.1; 4. IC, 1:56.0; 5. DE, 2:00.5.
4-x-400: 1. PC (Mariah Fete, Faith Sutton, Lindsey Desir, Kiyara Santos), 4:08.8; 2. IHA, 4:09.1; 3. HA, 4:15.5.
4-x-800: 1. IHA (Megan Brockmeier, Victoria Sheldon, Jill Meggia, Fiona Ralph), 9:50.5; 2. HA, 10:32.9; 3. PC, 10:50.6.
4-x-1,600: 1. IHA (Victoria Sheldon, Jasmin Bender, Tina Dadic, Megan Brockmeier), 21:59.6; 2. HA, 22:00.2; 3. PC, 23:04.2.
Sprint medley: 1. IHA (Kristina Shaw, Kiera Trivigno, Christian Rasnake, Fiona Ralph), 4:15.2; 2. PC, 4:27.1; 3. HA, 4:47.5.
Distance medley: 1. HA (Christina Bagin, Tara Lyons, Mackenzie Hughes, Olivia Mandelli), 12:46.7; 2. IHA, 12:48.10; 3. PC, 13:56.5.
Shuttle hurdles: 1. IHA (Christian Rasnake, Areilyah, Nicole Gioia, Mary Hughes), 1:10.6; 2. PC, 1:13.2; 3. HA, 1:18.8.
3-x-400 IH: 1. PC (Faith Sutton, Mariah Fete, Isabelle Dely), 3:27.2; 2. IHA, 3:30.9; 3. HA, 3:53.1.
Shot put: 1. PC (Brianna Hayes, Oymond Robinson, Tatiana Amir), 94-10 ½; 2. HA, 88-1 ¾; 3. Immaculate Conception, 75-3; 4. DE, 73-10 ½; 5. IHA, 69-9 ½.
Discus: 1. IHA (Anya Skae, Cara Czvetkus, Elizabeth Braun), 233-8; 2. IHA, 224-8; 3. PC, 216-1; 4. IC, 200-8; 5. DE, 169-6.
Javelin: 1. IHA (Mary Hughes, Oliva Tavani, Danielle Smith), 245-5; 2. HA, 232-0; 3. DE, 202-9; 4. PC, 149-9.
High jump: 1. PC (Tiffany Bautista, Isabelle Dely, Faith Sutton), 14-2; 2. IHA, 13-10; 3. HA, 13-6.
Long jump: 1. PC (Tiffany Bautista, Faith Sutton, Leilah Blaind), 46-10; 2. HA, 39-7 ½; 3. IHA, 38-4 ½.
Triple jump: 1. PC (Tiffany Bautista, Isabelle Dely, Leilah Bland), 102-7 ½; 2. IHA, 87-6; 3. HA, 87-3.
Pole vault: 1. HA (Caroline McGann, Vanessa Quinn, Kaitlin Peloso), 22-6; 2. IHA, 13-6.
Track & Field Results
Reported in:   The Record
Scanned by:  Jacob Brown
